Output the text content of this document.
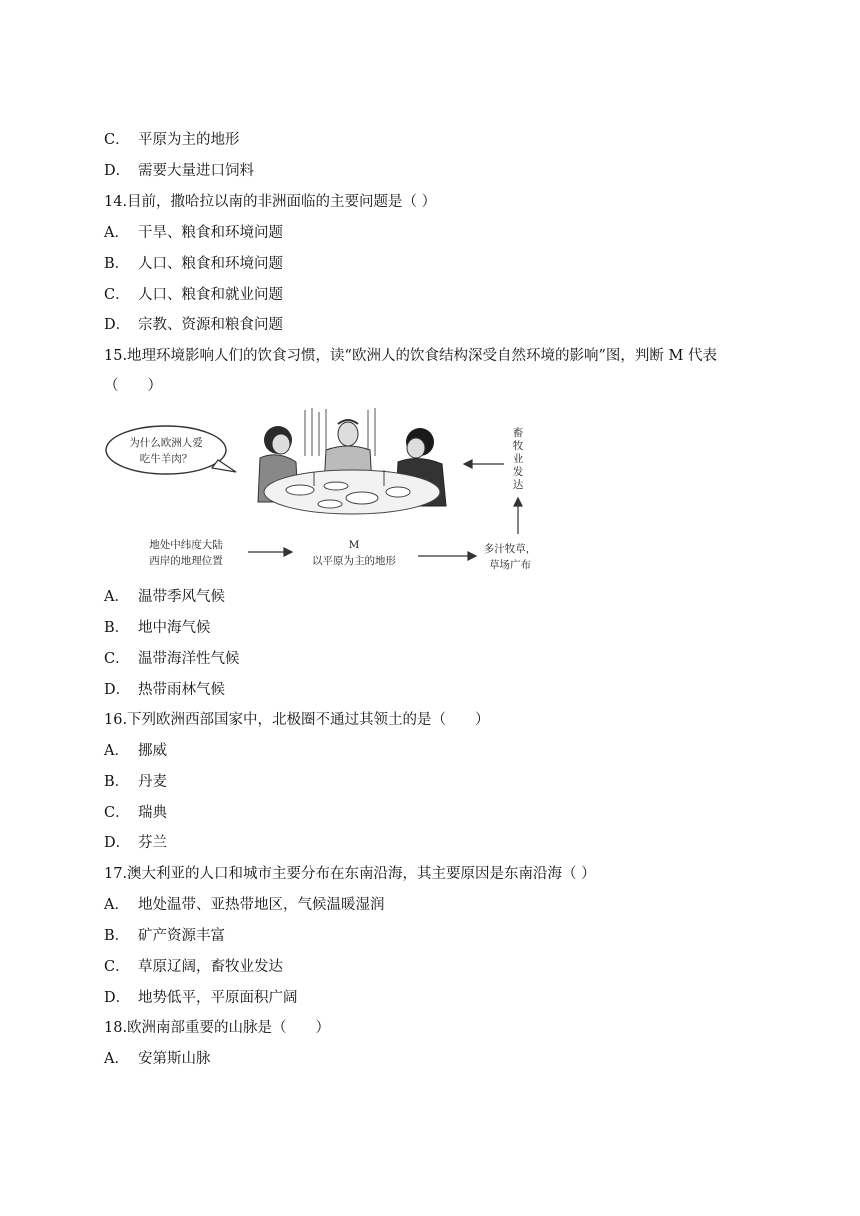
C． 平原为主的地形
D． 需要大量进口饲料
14.目前，撒哈拉以南的非洲面临的主要问题是（ ）
A． 干旱、粮食和环境问题
B． 人口、粮食和环境问题
C． 人口、粮食和就业问题
D． 宗教、资源和粮食问题
15.地理环境影响人们的饮食习惯，读“欧洲人的饮食结构深受自然环境的影响”图，判断 M 代表
（　　）
为什么欧洲人爱
吃牛羊肉？
畜
牧
业
发
达
地处中纬度大陆
西岸的地理位置
M
以平原为主的地形
多汁牧草，
草场广布
A． 温带季风气候
B． 地中海气候
C． 温带海洋性气候
D． 热带雨林气候
16.下列欧洲西部国家中，北极圈不通过其领土的是（　　）
A． 挪威
B． 丹麦
C． 瑞典
D． 芬兰
17.澳大利亚的人口和城市主要分布在东南沿海，其主要原因是东南沿海（ ）
A． 地处温带、亚热带地区，气候温暖湿润
B． 矿产资源丰富
C． 草原辽阔，畜牧业发达
D． 地势低平，平原面积广阔
18.欧洲南部重要的山脉是（　　）
A． 安第斯山脉
